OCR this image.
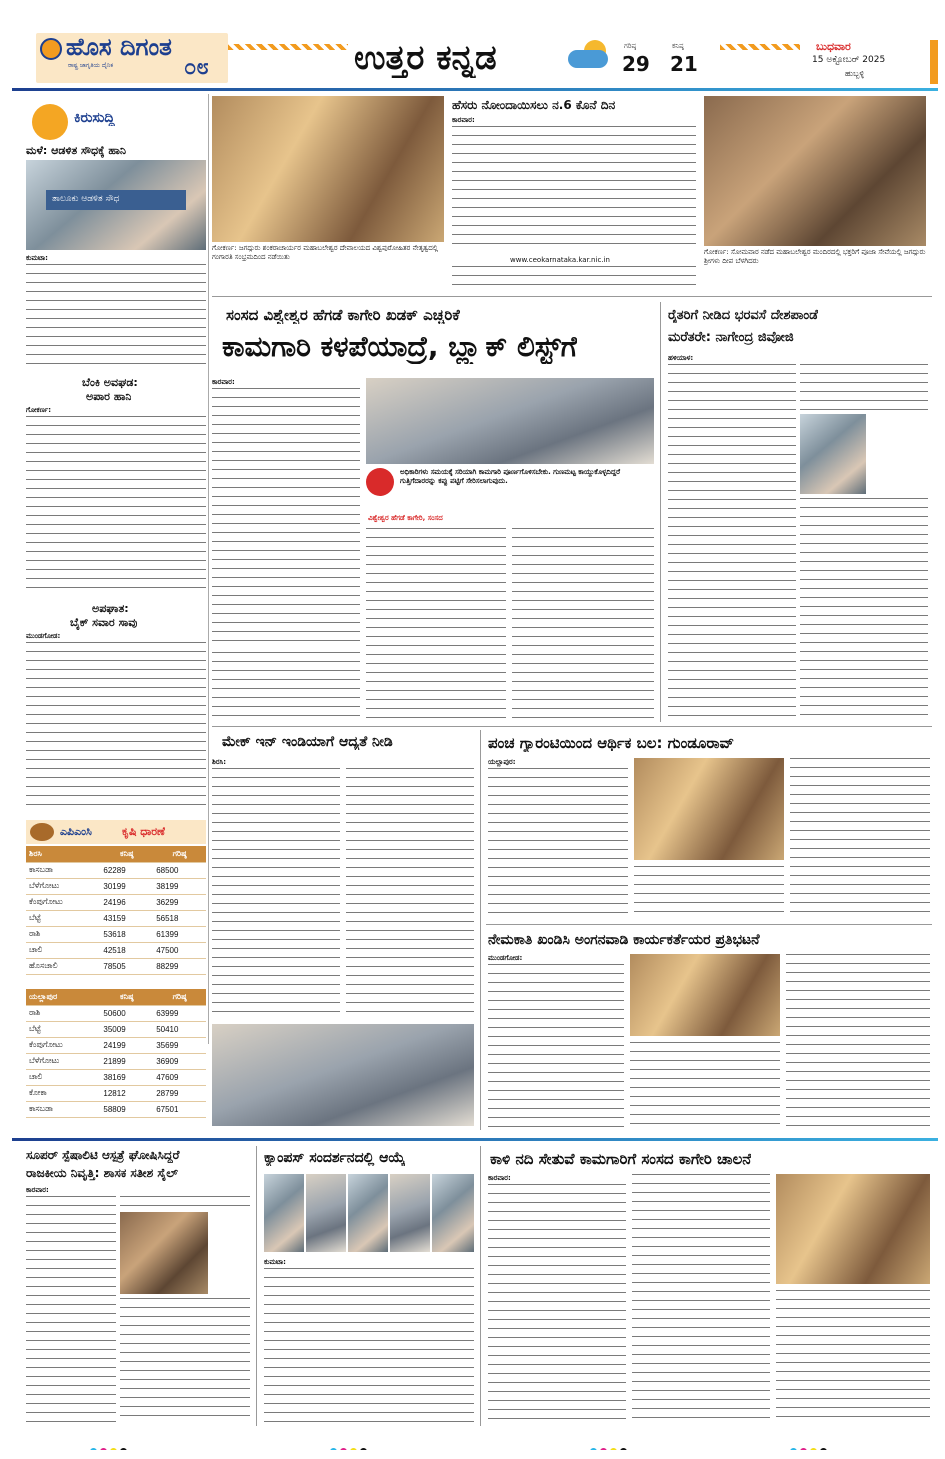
ಹೊಸ ದಿಗಂತ
ರಾಷ್ಟ್ರ ಜಾಗೃತಿಯ ದೈನಿಕ	೦೮	ಉತ್ತರ ಕನ್ನಡ	ಗರಿಷ್ಠ
29
ಕನಿಷ್ಠ
21
ಬುಧವಾರ
15 ಅಕ್ಟೋಬರ್ 2025
ಹುಬ್ಬಳ್ಳಿ
ಕಿರುಸುದ್ದಿ
ಮಳೆ: ಆಡಳಿತ ಸೌಧಕ್ಕೆ ಹಾನಿ
ತಾಲೂಕು ಆಡಳಿತ ಸೌಧ
ಕುಮಟಾ:
ಬೆಂಕಿ ಅವಘಡ:
ಅಪಾರ ಹಾನಿ
ಗೋಕರ್ಣ:
ಅಪಘಾತ:
ಬೈಕ್ ಸವಾರ ಸಾವು
ಮುಂಡಗೋಡ:
ಎಪಿಎಂಸಿ	ಕೃಷಿ ಧಾರಣೆ
ಶಿರಸಿ	ಕನಿಷ್ಠ	ಗರಿಷ್ಠ
ಕಾಸಬಡಾ	62289	68500
ಬೆಳೆಗೋಟು	30199	38199
ಕೆಂಪುಗೋಟು	24196	36299
ಬೆಟ್ಟೆ	43159	56518
ರಾಶಿ	53618	61399
ಚಾಲಿ	42518	47500
ಹೊಸಚಾಲಿ	78505	88299
ಯಲ್ಲಾಪುರ	ಕನಿಷ್ಠ	ಗರಿಷ್ಠ
ರಾಶಿ	50600	63999
ಬೆಟ್ಟೆ	35009	50410
ಕೆಂಪುಗೋಟು	24199	35699
ಬೆಳೆಗೋಟು	21899	36909
ಚಾಲಿ	38169	47609
ಕೋಕಾ	12812	28799
ಕಾಸಬಡಾ	58809	67501
ಗೋಕರ್ಣ: ಜಗದ್ಗುರು ಶಂಕರಾಚಾರ್ಯರ ಮಹಾಬಲೇಶ್ವರ ದೇವಾಲಯದ ವಿಶ್ವಪುರೋಹಿತರ ನೇತೃತ್ವದಲ್ಲಿ ಗಂಗಾರತಿ ಸಂಭ್ರಮದಿಂದ ನಡೆಯಿತು
ಹೆಸರು ನೋಂದಾಯಿಸಲು ನ.6 ಕೊನೆ ದಿನ
ಕಾರವಾರ:
www.ceokarnataka.kar.nic.in
ಗೋಕರ್ಣ: ಸೋಮವಾರ ನಡೆದ ಮಹಾಬಲೇಶ್ವರ ಮಂದಿರದಲ್ಲಿ ಭಕ್ತರಿಗೆ ಪೂಜಾ ಸೇವೆಯಲ್ಲಿ ಜಗದ್ಗುರು ಶ್ರೀಗಳು ದೀಪ ಬೆಳಗಿದರು
ಸಂಸದ ವಿಶ್ವೇಶ್ವರ ಹೆಗಡೆ ಕಾಗೇರಿ ಖಡಕ್ ಎಚ್ಚರಿಕೆ
ಕಾಮಗಾರಿ ಕಳಪೆಯಾದ್ರೆ, ಬ್ಲ್ಯಾಕ್ ಲಿಸ್ಟ್‌ಗೆ
ಕಾರವಾರ:
ಅಧಿಕಾರಿಗಳು ಸಮಯಕ್ಕೆ ಸರಿಯಾಗಿ ಕಾಮಗಾರಿ ಪೂರ್ಣಗೊಳಿಸಬೇಕು. ಗುಣಮಟ್ಟ ಕಾಯ್ದುಕೊಳ್ಳದಿದ್ದರೆ ಗುತ್ತಿಗೆದಾರರನ್ನು ಕಪ್ಪು ಪಟ್ಟಿಗೆ ಸೇರಿಸಲಾಗುವುದು.
ವಿಶ್ವೇಶ್ವರ ಹೆಗಡೆ ಕಾಗೇರಿ, ಸಂಸದ
ರೈತರಿಗೆ ನೀಡಿದ ಭರವಸೆ ದೇಶಪಾಂಡೆ
ಮರೆತರೇ: ನಾಗೇಂದ್ರ ಜಿವೋಜಿ
ಹಳಿಯಾಳ:
ಮೇಕ್ ಇನ್ ಇಂಡಿಯಾಗೆ ಆದ್ಯತೆ ನೀಡಿ
ಶಿರಸಿ:
ಪಂಚ ಗ್ಯಾರಂಟಿಯಿಂದ ಆರ್ಥಿಕ ಬಲ: ಗುಂಡೂರಾವ್
ಯಲ್ಲಾಪುರ:
ನೇಮಕಾತಿ ಖಂಡಿಸಿ ಅಂಗನವಾಡಿ ಕಾರ್ಯಕರ್ತೆಯರ ಪ್ರತಿಭಟನೆ
ಮುಂಡಗೋಡ:
ಸೂಪರ್ ಸ್ಪೆಷಾಲಿಟಿ ಆಸ್ಪತ್ರೆ ಘೋಷಿಸಿದ್ದರೆ
ರಾಜಕೀಯ ನಿವೃತ್ತಿ: ಶಾಸಕ ಸತೀಶ ಸೈಲ್
ಕಾರವಾರ:
ಕ್ಯಾಂಪಸ್ ಸಂದರ್ಶನದಲ್ಲಿ ಆಯ್ಕೆ
ಕುಮಟಾ:
ಕಾಳಿ ನದಿ ಸೇತುವೆ ಕಾಮಗಾರಿಗೆ ಸಂಸದ ಕಾಗೇರಿ ಚಾಲನೆ
ಕಾರವಾರ:
